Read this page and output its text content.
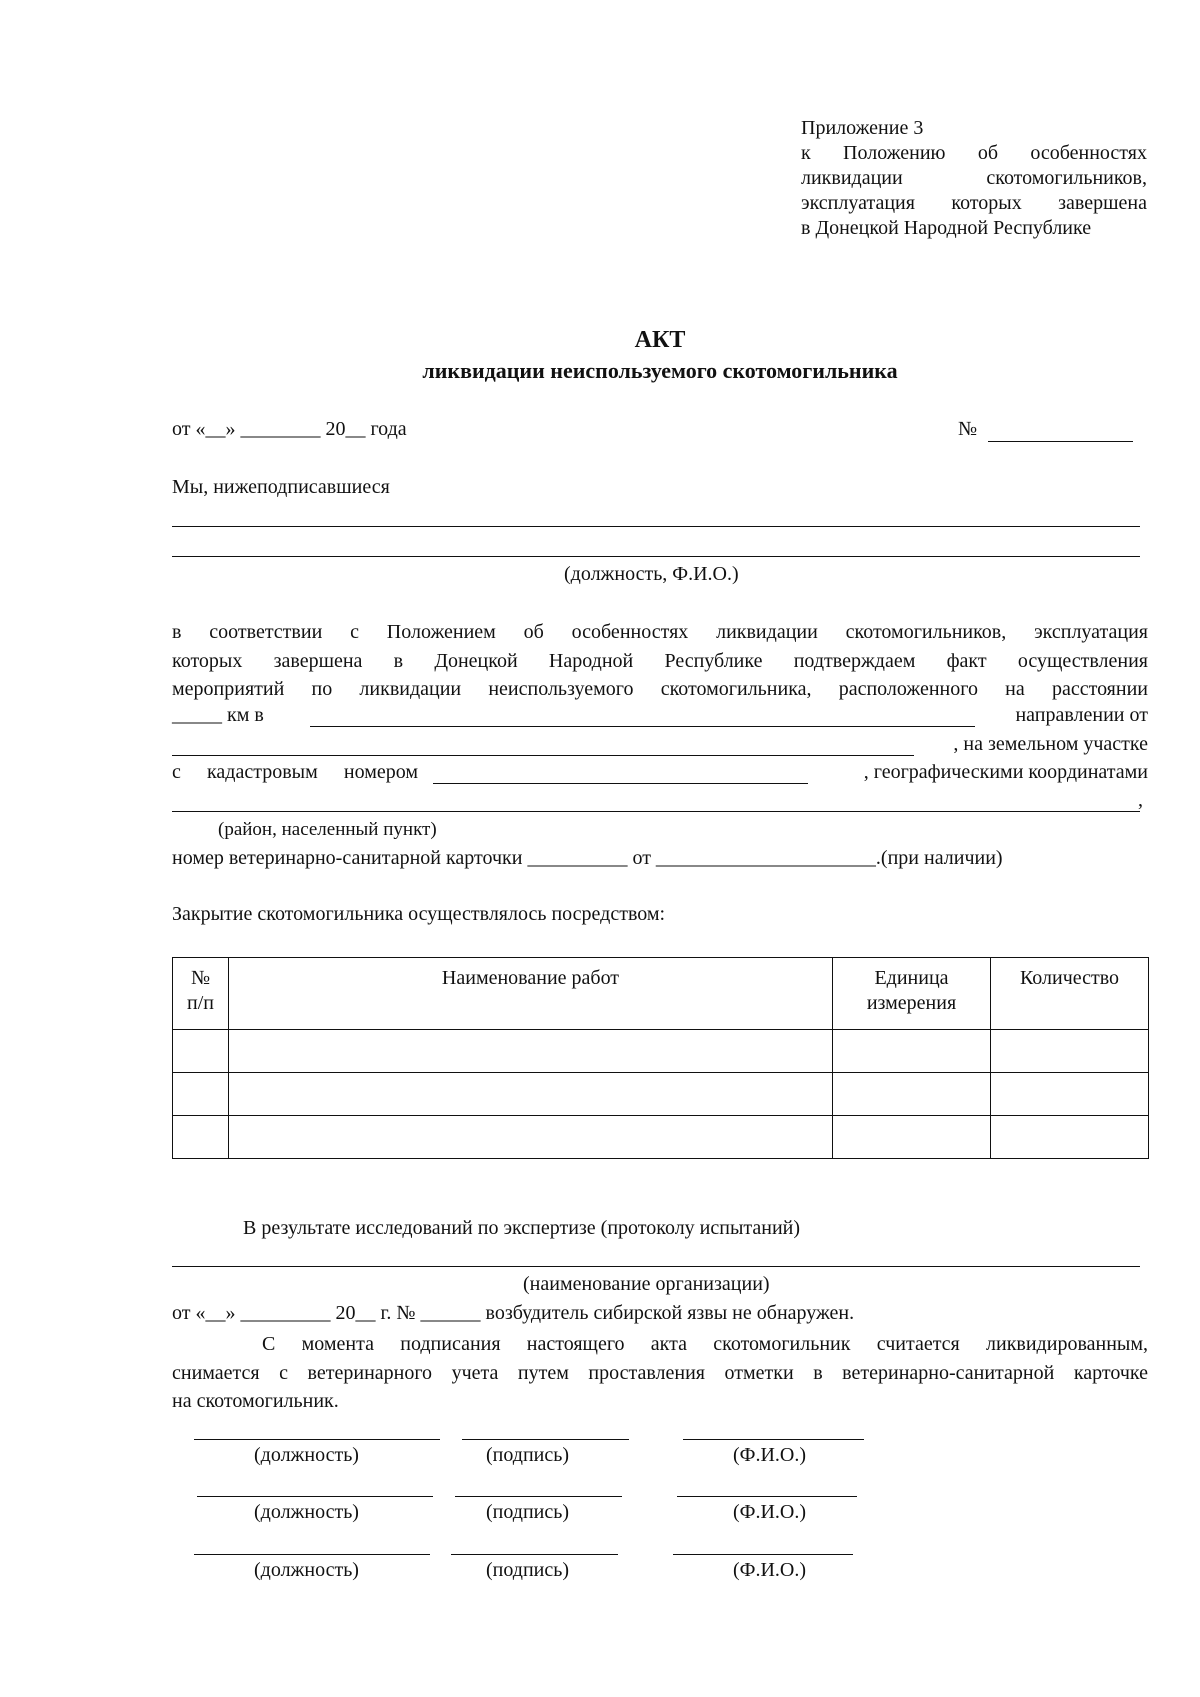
Приложение 3
к Положению об особенностях
ликвидации скотомогильников,
эксплуатация которых завершена
в Донецкой Народной Республике
АКТ
ликвидации неиспользуемого скотомогильника
от «__» ________ 20__ года	№
Мы, нижеподписавшиеся
(должность, Ф.И.О.)
в соответствии с Положением об особенностях ликвидации скотомогильников, эксплуатация
которых завершена в Донецкой Народной Республике подтверждаем факт осуществления
мероприятий по ликвидации неиспользуемого скотомогильника, расположенного на расстоянии
_____ км в	направлении от
, на земельном участке
с кадастровым номером	, географическими координатами
,
(район, населенный пункт)
номер ветеринарно-санитарной карточки __________ от ______________________.(при наличии)
Закрытие скотомогильника осуществлялось посредством:
№ п/п	Наименование работ	Единица измерения	Количество

В результате исследований по экспертизе (протоколу испытаний)
(наименование организации)
от «__» _________ 20__ г. № ______ возбудитель сибирской язвы не обнаружен.
С момента подписания настоящего акта скотомогильник считается ликвидированным,
снимается с ветеринарного учета путем проставления отметки в ветеринарно-санитарной карточке
на скотомогильник.
(должность)	(подпись)	(Ф.И.О.)
(должность)	(подпись)	(Ф.И.О.)
(должность)	(подпись)	(Ф.И.О.)
